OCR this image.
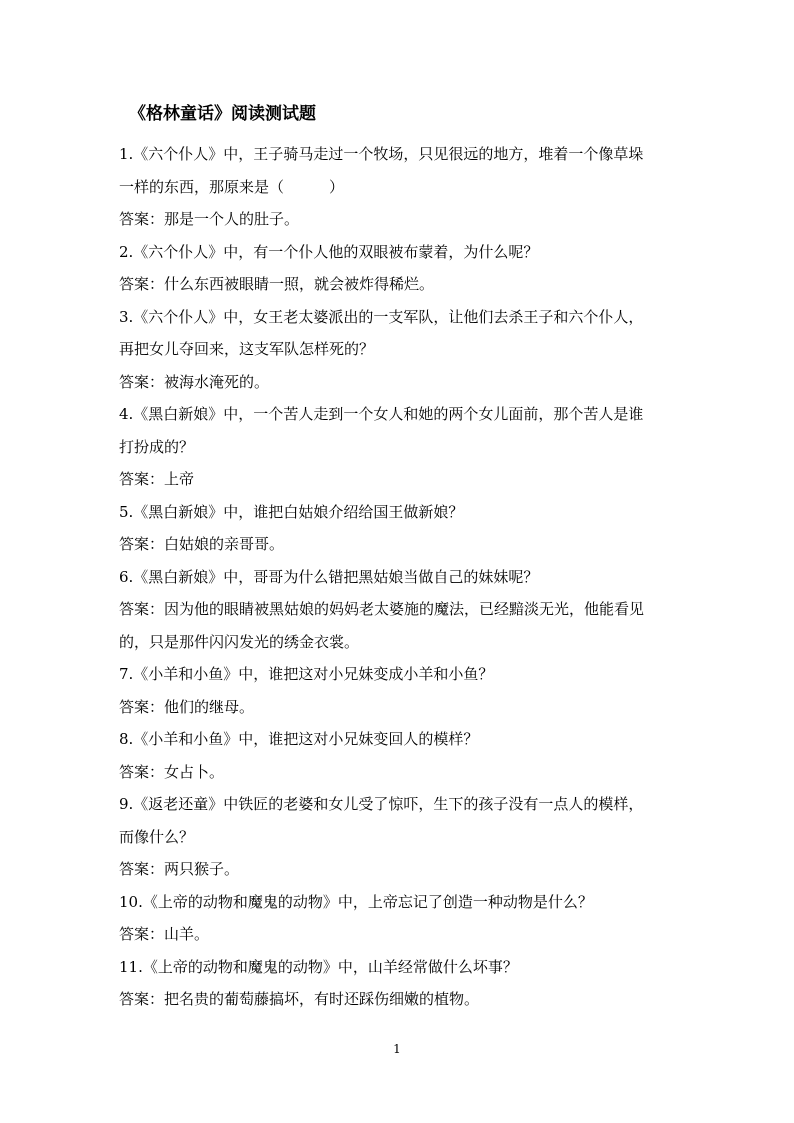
《格林童话》阅读测试题

1.《六个仆人》中，王子骑马走过一个牧场，只见很远的地方，堆着一个像草垛

一样的东西，那原来是（　　　）

答案：那是一个人的肚子。

2.《六个仆人》中，有一个仆人他的双眼被布蒙着，为什么呢？

答案：什么东西被眼睛一照，就会被炸得稀烂。

3.《六个仆人》中，女王老太婆派出的一支军队，让他们去杀王子和六个仆人，

再把女儿夺回来，这支军队怎样死的？

答案：被海水淹死的。

4.《黑白新娘》中，一个苦人走到一个女人和她的两个女儿面前，那个苦人是谁

打扮成的？

答案：上帝

5.《黑白新娘》中，谁把白姑娘介绍给国王做新娘？

答案：白姑娘的亲哥哥。

6.《黑白新娘》中，哥哥为什么错把黑姑娘当做自己的妹妹呢？

答案：因为他的眼睛被黑姑娘的妈妈老太婆施的魔法，已经黯淡无光，他能看见
的，只是那件闪闪发光的绣金衣裳。

7.《小羊和小鱼》中，谁把这对小兄妹变成小羊和小鱼？

答案：他们的继母。

8.《小羊和小鱼》中，谁把这对小兄妹变回人的模样？

答案：女占卜。

9.《返老还童》中铁匠的老婆和女儿受了惊吓，生下的孩子没有一点人的模样，

而像什么？

答案：两只猴子。

10.《上帝的动物和魔鬼的动物》中，上帝忘记了创造一种动物是什么？

答案：山羊。

11.《上帝的动物和魔鬼的动物》中，山羊经常做什么坏事？

答案：把名贵的葡萄藤搞坏，有时还踩伤细嫩的植物。

1
